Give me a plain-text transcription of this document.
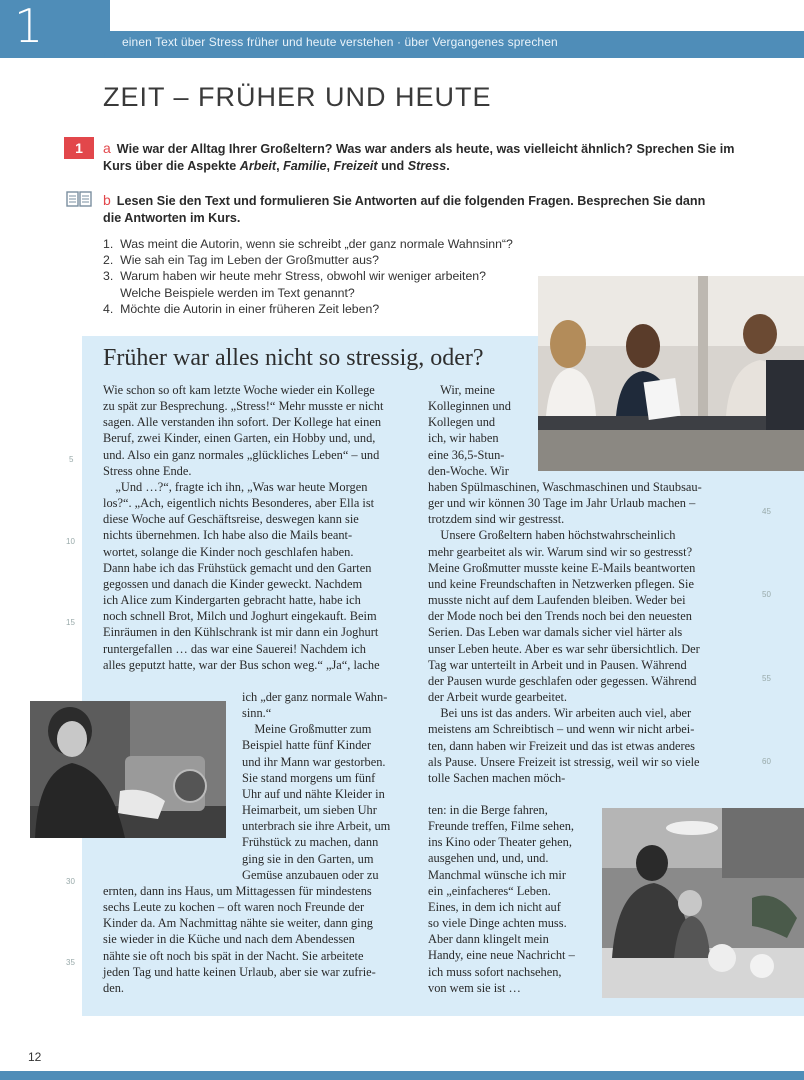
1	einen Text über Stress früher und heute verstehen · über Vergangenes sprechen
ZEIT – FRÜHER UND HEUTE
1	a Wie war der Alltag Ihrer Großeltern? Was war anders als heute, was vielleicht ähnlich? Sprechen Sie im Kurs über die Aspekte Arbeit, Familie, Freizeit und Stress.
b Lesen Sie den Text und formulieren Sie Antworten auf die folgenden Fragen. Besprechen Sie dann die Antworten im Kurs.
1.  Was meint die Autorin, wenn sie schreibt „der ganz normale Wahnsinn“?
2.  Wie sah ein Tag im Leben der Großmutter aus?
3.  Warum haben wir heute mehr Stress, obwohl wir weniger arbeiten?
Welche Beispiele werden im Text genannt?
4.  Möchte die Autorin in einer früheren Zeit leben?
Früher war alles nicht so stressig, oder?
Wie schon so oft kam letzte Woche wieder ein Kollege
zu spät zur Besprechung. „Stress!“ Mehr musste er nicht
sagen. Alle verstanden ihn sofort. Der Kollege hat einen
Beruf, zwei Kinder, einen Garten, ein Hobby und, und,
und. Also ein ganz normales „glückliches Leben“ – und
Stress ohne Ende.
„Und …?“, fragte ich ihn, „Was war heute Morgen
los?“. „Ach, eigentlich nichts Besonderes, aber Ella ist
diese Woche auf Geschäftsreise, deswegen kann sie
nichts übernehmen. Ich habe also die Mails beant-
wortet, solange die Kinder noch geschlafen haben.
Dann habe ich das Frühstück gemacht und den Garten
gegossen und danach die Kinder geweckt. Nachdem
ich Alice zum Kindergarten gebracht hatte, habe ich
noch schnell Brot, Milch und Joghurt eingekauft. Beim
Einräumen in den Kühlschrank ist mir dann ein Joghurt
runtergefallen … das war eine Sauerei! Nachdem ich
alles geputzt hatte, war der Bus schon weg.“ „Ja“, lache
ich „der ganz normale Wahn-
sinn.“
Meine Großmutter zum
Beispiel hatte fünf Kinder
und ihr Mann war gestorben.
Sie stand morgens um fünf
Uhr auf und nähte Kleider in
Heimarbeit, um sieben Uhr
unterbrach sie ihre Arbeit, um
Frühstück zu machen, dann
ging sie in den Garten, um
Gemüse anzubauen oder zu
ernten, dann ins Haus, um Mittagessen für mindestens
sechs Leute zu kochen – oft waren noch Freunde der
Kinder da. Am Nachmittag nähte sie weiter, dann ging
sie wieder in die Küche und nach dem Abendessen
nähte sie oft noch bis spät in der Nacht. Sie arbeitete
jeden Tag und hatte keinen Urlaub, aber sie war zufrie-
den.
Wir, meine
Kolleginnen und
Kollegen und
ich, wir haben
eine 36,5-Stun-
den-Woche. Wir
haben Spülmaschinen, Waschmaschinen und Staubsau-
ger und wir können 30 Tage im Jahr Urlaub machen –
trotzdem sind wir gestresst.
Unsere Großeltern haben höchstwahrscheinlich
mehr gearbeitet als wir. Warum sind wir so gestresst?
Meine Großmutter musste keine E-Mails beantworten
und keine Freundschaften in Netzwerken pflegen. Sie
musste nicht auf dem Laufenden bleiben. Weder bei
der Mode noch bei den Trends noch bei den neuesten
Serien. Das Leben war damals sicher viel härter als
unser Leben heute. Aber es war sehr übersichtlich. Der
Tag war unterteilt in Arbeit und in Pausen. Während
der Pausen wurde geschlafen oder gegessen. Während
der Arbeit wurde gearbeitet.
Bei uns ist das anders. Wir arbeiten auch viel, aber
meistens am Schreibtisch – und wenn wir nicht arbei-
ten, dann haben wir Freizeit und das ist etwas anderes
als Pause. Unsere Freizeit ist stressig, weil wir so viele
tolle Sachen machen möch-
ten: in die Berge fahren,
Freunde treffen, Filme sehen,
ins Kino oder Theater gehen,
ausgehen und, und, und.
Manchmal wünsche ich mir
ein „einfacheres“ Leben.
Eines, in dem ich nicht auf
so viele Dinge achten muss.
Aber dann klingelt mein
Handy, eine neue Nachricht –
ich muss sofort nachsehen,
von wem sie ist …
5
10
15
30
35
45
50
55
60
12
